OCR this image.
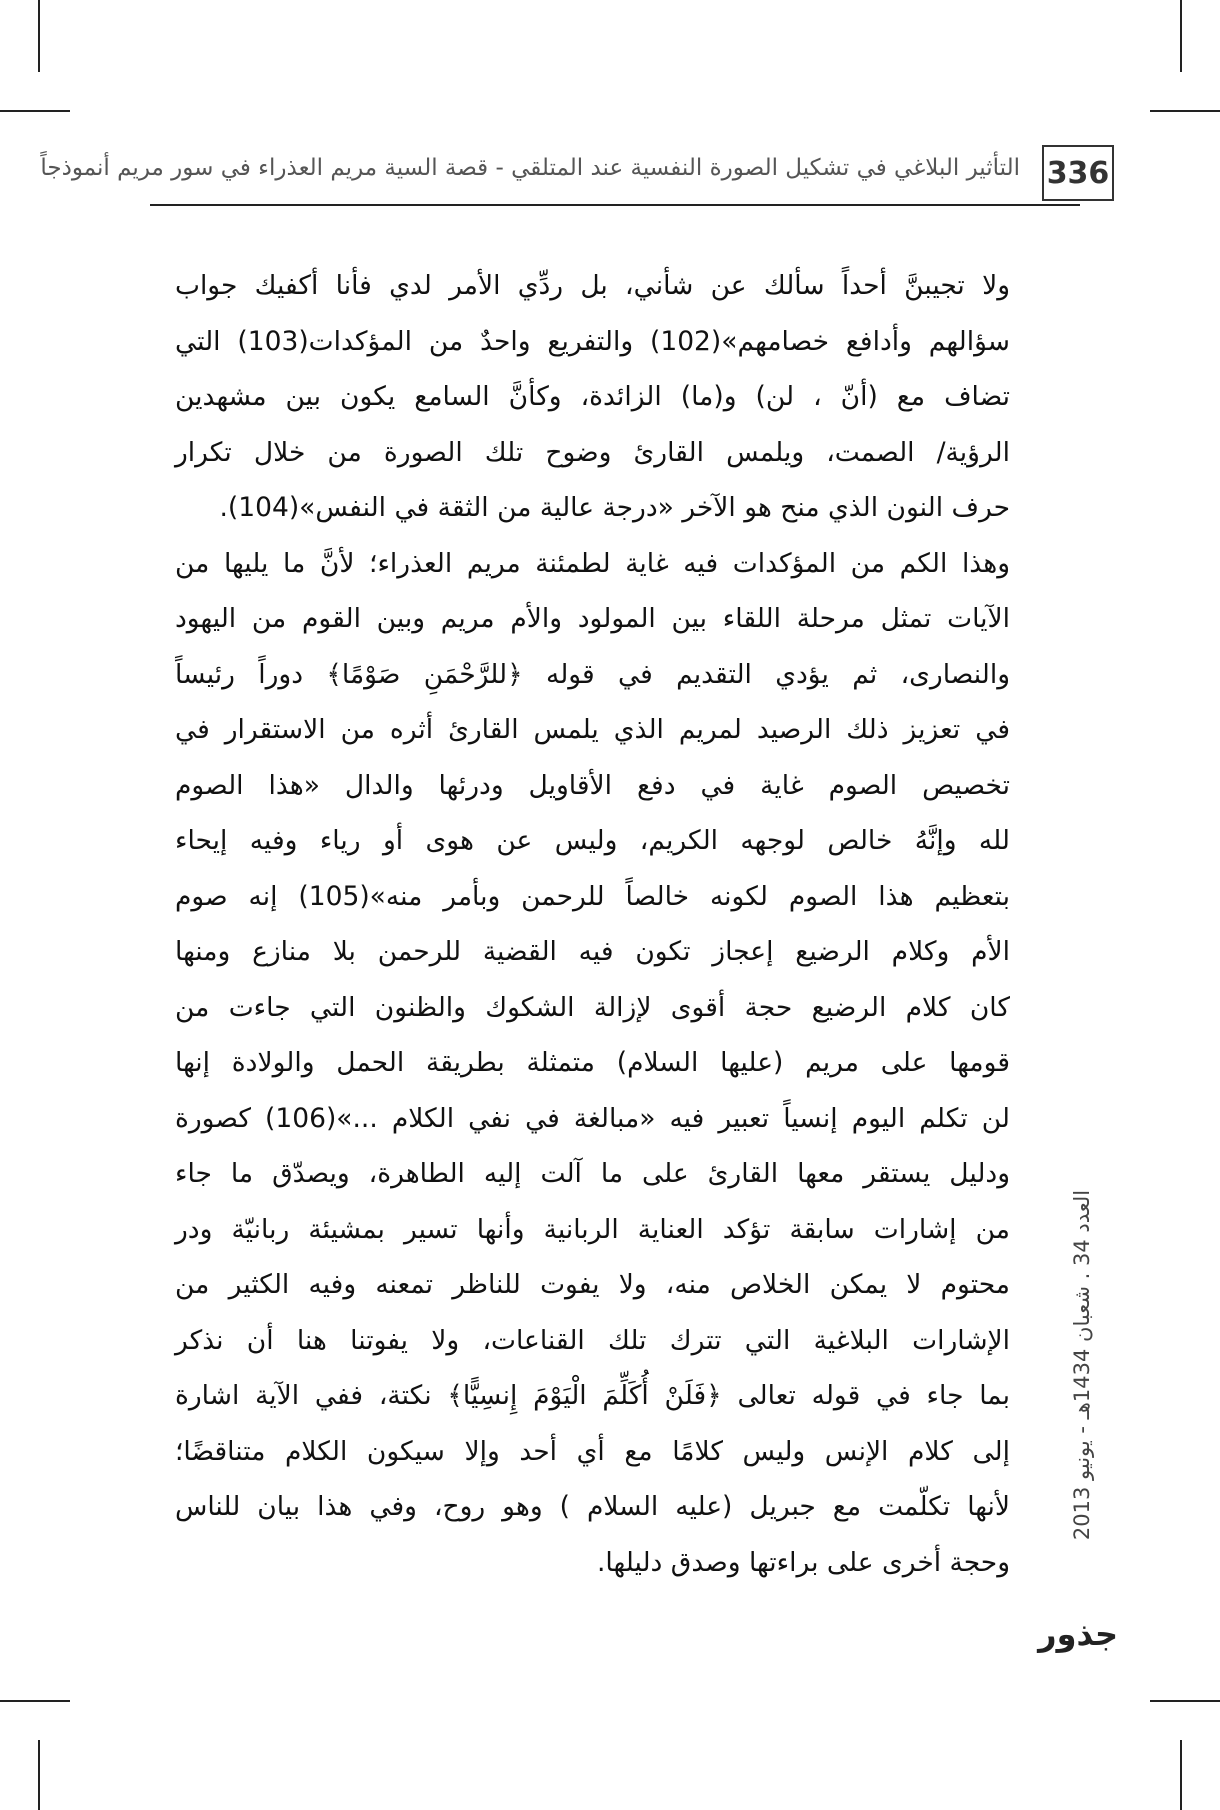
336
التأثير البلاغي في تشكيل الصورة النفسية عند المتلقي - قصة السية مريم العذراء في سور مريم أنموذجاً

ولا تجيبنَّ أحداً سألك عن شأني، بل ردِّي الأمر لدي فأنا أكفيك جواب

سؤالهم وأدافع خصامهم»(102) والتفريع واحدٌ من المؤكدات(103) التي

تضاف مع (أنّ ، لن) و(ما) الزائدة، وكأنَّ السامع يكون بين مشهدين

الرؤية/ الصمت، ويلمس القارئ وضوح تلك الصورة من خلال تكرار

حرف النون الذي منح هو الآخر «درجة عالية من الثقة في النفس»(104).

وهذا الكم من المؤكدات فيه غاية لطمئنة مريم العذراء؛ لأنَّ ما يليها من

الآيات تمثل مرحلة اللقاء بين المولود والأم مريم وبين القوم من اليهود

والنصارى، ثم يؤدي التقديم في قوله ﴿للرَّحْمَنِ صَوْمًا﴾ دوراً رئيساً

في تعزيز ذلك الرصيد لمريم الذي يلمس القارئ أثره من الاستقرار في

تخصيص الصوم غاية في دفع الأقاويل ودرئها والدال «هذا الصوم

لله وإنَّهُ خالص لوجهه الكريم، وليس عن هوى أو رياء وفيه إيحاء

بتعظيم هذا الصوم لكونه خالصاً للرحمن وبأمر منه»(105) إنه صوم

الأم وكلام الرضيع إعجاز تكون فيه القضية للرحمن بلا منازع ومنها

كان كلام الرضيع حجة أقوى لإزالة الشكوك والظنون التي جاءت من

قومها على مريم (عليها السلام) متمثلة بطريقة الحمل والولادة إنها

لن تكلم اليوم إنسياً تعبير فيه «مبالغة في نفي الكلام ...»(106) كصورة

ودليل يستقر معها القارئ على ما آلت إليه الطاهرة، ويصدّق ما جاء

من إشارات سابقة تؤكد العناية الربانية وأنها تسير بمشيئة ربانيّة ودر

محتوم لا يمكن الخلاص منه، ولا يفوت للناظر تمعنه وفيه الكثير من

الإشارات البلاغية التي تترك تلك القناعات، ولا يفوتنا هنا أن نذكر

بما جاء في قوله تعالى ﴿فَلَنْ أُكَلِّمَ الْيَوْمَ إِنسِيًّا﴾ نكتة، ففي الآية اشارة

إلى كلام الإنس وليس كلامًا مع أي أحد وإلا سيكون الكلام متناقضًا؛

لأنها تكلّمت مع جبريل (عليه السلام ) وهو روح، وفي هذا بيان للناس

وحجة أخرى على براءتها وصدق دليلها.

العدد 34 . شعبان 1434هـ - يونيو 2013
جذور
